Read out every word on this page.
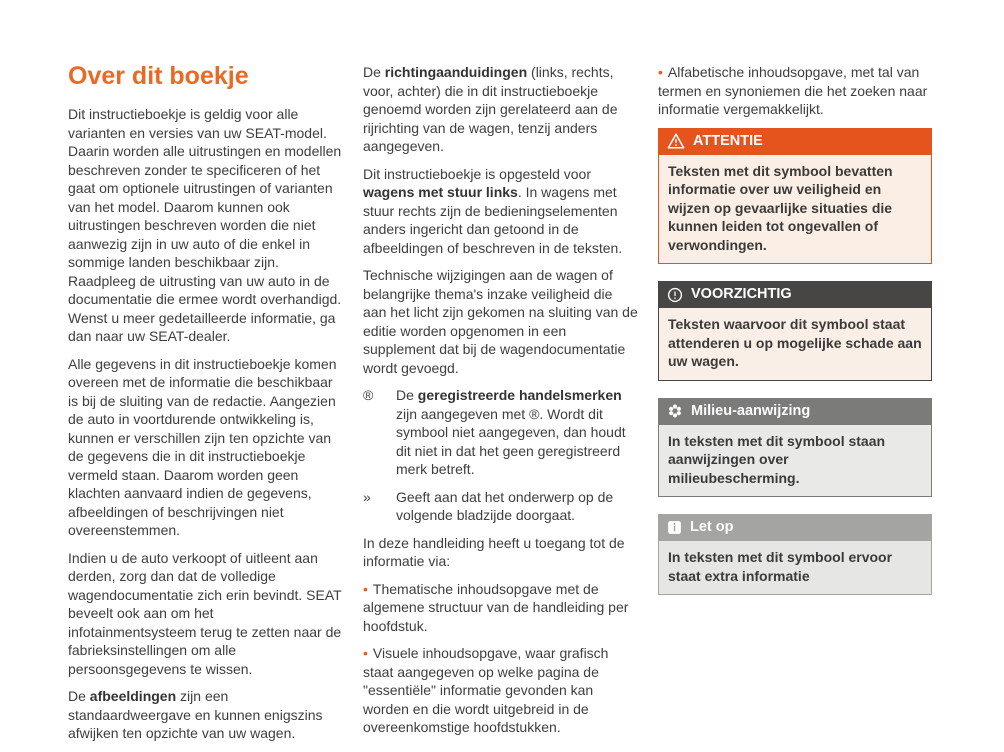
Over dit boekje

Dit instructieboekje is geldig voor alle varianten en versies van uw SEAT-model. Daarin worden alle uitrustingen en modellen beschreven zonder te specificeren of het gaat om optionele uitrustingen of varianten van het model. Daarom kunnen ook uitrustingen beschreven worden die niet aanwezig zijn in uw auto of die enkel in sommige landen beschikbaar zijn. Raadpleeg de uitrusting van uw auto in de documentatie die ermee wordt overhandigd. Wenst u meer gedetailleerde informatie, ga dan naar uw SEAT-dealer.

Alle gegevens in dit instructieboekje komen overeen met de informatie die beschikbaar is bij de sluiting van de redactie. Aangezien de auto in voortdurende ontwikkeling is, kunnen er verschillen zijn ten opzichte van de gegevens die in dit instructieboekje vermeld staan. Daarom worden geen klachten aanvaard indien de gegevens, afbeeldingen of beschrijvingen niet overeenstemmen.

Indien u de auto verkoopt of uitleent aan derden, zorg dan dat de volledige wagendocumentatie zich erin bevindt. SEAT beveelt ook aan om het infotainmentsysteem terug te zetten naar de fabrieksinstellingen om alle persoonsgegevens te wissen.

De afbeeldingen zijn een standaardweergave en kunnen enigszins afwijken ten opzichte van uw wagen.

De richtingaanduidingen (links, rechts, voor, achter) die in dit instructieboekje genoemd worden zijn gerelateerd aan de rijrichting van de wagen, tenzij anders aangegeven.

Dit instructieboekje is opgesteld voor wagens met stuur links. In wagens met stuur rechts zijn de bedieningselementen anders ingericht dan getoond in de afbeeldingen of beschreven in de teksten.

Technische wijzigingen aan de wagen of belangrijke thema's inzake veiligheid die aan het licht zijn gekomen na sluiting van de editie worden opgenomen in een supplement dat bij de wagendocumentatie wordt gevoegd.

®	De geregistreerde handelsmerken zijn aangegeven met ®. Wordt dit symbool niet aangegeven, dan houdt dit niet in dat het geen geregistreerd merk betreft.
»	Geeft aan dat het onderwerp op de volgende bladzijde doorgaat.

In deze handleiding heeft u toegang tot de informatie via:

• Thematische inhoudsopgave met de algemene structuur van de handleiding per hoofdstuk.

• Visuele inhoudsopgave, waar grafisch staat aangegeven op welke pagina de "essentiële" informatie gevonden kan worden en die wordt uitgebreid in de overeenkomstige hoofdstukken.

• Alfabetische inhoudsopgave, met tal van termen en synoniemen die het zoeken naar informatie vergemakkelijkt.

ATTENTIE
Teksten met dit symbool bevatten informatie over uw veiligheid en wijzen op gevaarlijke situaties die kunnen leiden tot ongevallen of verwondingen.
VOORZICHTIG
Teksten waarvoor dit symbool staat attenderen u op mogelijke schade aan uw wagen.
Milieu-aanwijzing
In teksten met dit symbool staan aanwijzingen over milieubescherming.
Let op
In teksten met dit symbool ervoor staat extra informatie
